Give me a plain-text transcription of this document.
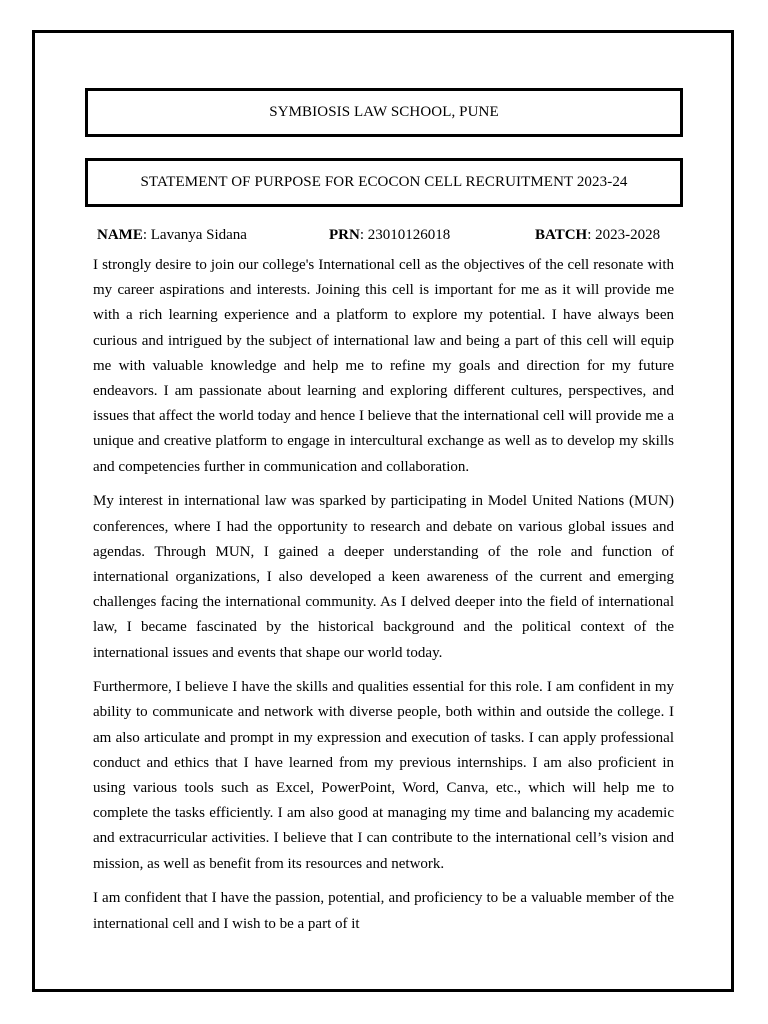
SYMBIOSIS LAW SCHOOL, PUNE
STATEMENT OF PURPOSE FOR ECOCON CELL RECRUITMENT 2023-24
NAME: Lavanya Sidana	PRN: 23010126018	BATCH: 2023-2028

I strongly desire to join our college's International cell as the objectives of the cell resonate with my career aspirations and interests. Joining this cell is important for me as it will provide me with a rich learning experience and a platform to explore my potential. I have always been curious and intrigued by the subject of international law and being a part of this cell will equip me with valuable knowledge and help me to refine my goals and direction for my future endeavors. I am passionate about learning and exploring different cultures, perspectives, and issues that affect the world today and hence I believe that the international cell will provide me a unique and creative platform to engage in intercultural exchange as well as to develop my skills and competencies further in communication and collaboration.

My interest in international law was sparked by participating in Model United Nations (MUN) conferences, where I had the opportunity to research and debate on various global issues and agendas. Through MUN, I gained a deeper understanding of the role and function of international organizations, I also developed a keen awareness of the current and emerging challenges facing the international community. As I delved deeper into the field of international law, I became fascinated by the historical background and the political context of the international issues and events that shape our world today.

Furthermore, I believe I have the skills and qualities essential for this role. I am confident in my ability to communicate and network with diverse people, both within and outside the college. I am also articulate and prompt in my expression and execution of tasks. I can apply professional conduct and ethics that I have learned from my previous internships. I am also proficient in using various tools such as Excel, PowerPoint, Word, Canva, etc., which will help me to complete the tasks efficiently. I am also good at managing my time and balancing my academic and extracurricular activities. I believe that I can contribute to the international cell’s vision and mission, as well as benefit from its resources and network.

I am confident that I have the passion, potential, and proficiency to be a valuable member of the international cell and I wish to be a part of it
